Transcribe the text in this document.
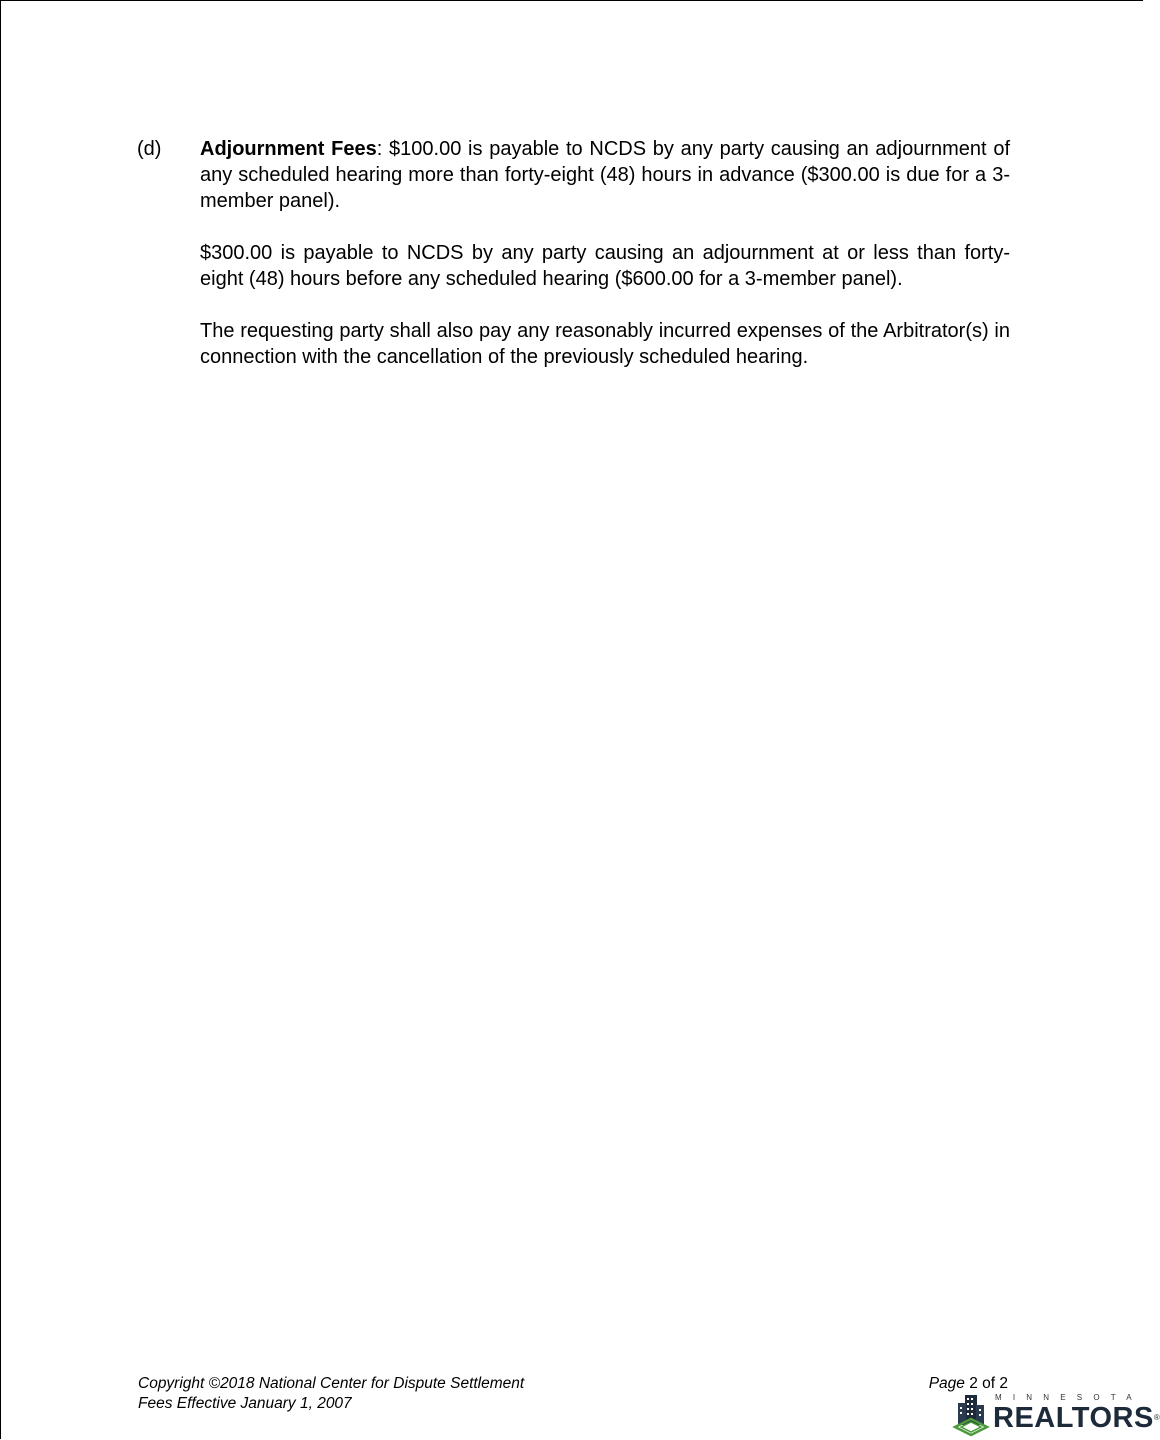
(d) Adjournment Fees: $100.00 is payable to NCDS by any party causing an adjournment of any scheduled hearing more than forty-eight (48) hours in advance ($300.00 is due for a 3-member panel).

$300.00 is payable to NCDS by any party causing an adjournment at or less than forty-eight (48) hours before any scheduled hearing ($600.00 for a 3-member panel).

The requesting party shall also pay any reasonably incurred expenses of the Arbitrator(s) in connection with the cancellation of the previously scheduled hearing.

Copyright ©2018 National Center for Dispute Settlement
Fees Effective January 1, 2007
Page 2 of 2
MINNESOTA
REALTORS®
